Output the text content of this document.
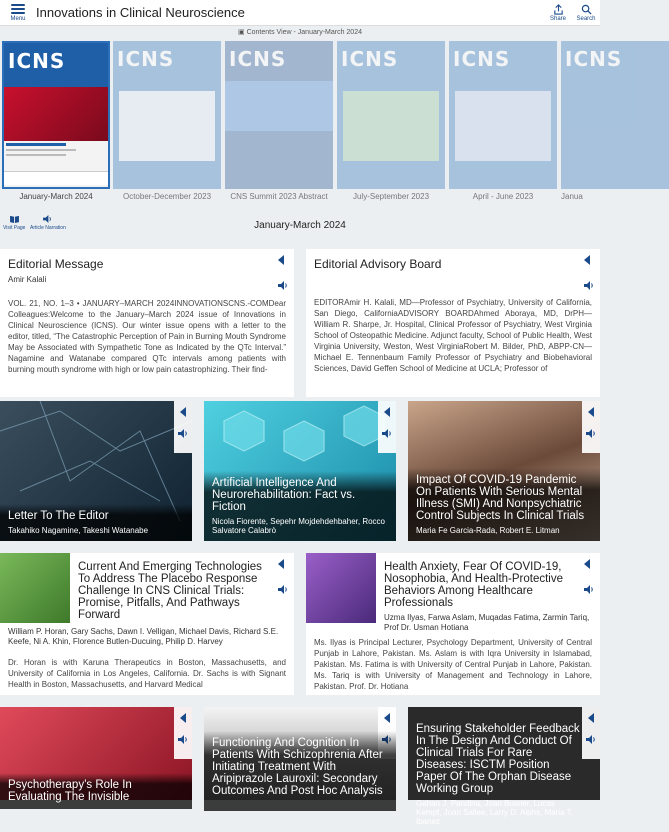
Menu Innovations in Clinical Neuroscience	Share Search
▣ Contents View - January-March 2024
ICNS
January-March 2024
ICNS
October-December 2023
ICNS
CNS Summit 2023 Abstract
ICNS
July-September 2023
ICNS
April - June 2023
ICNS
Janua
Visit Page Article Narration	January-March 2024
Editorial Message
Amir Kalali
VOL. 21, NO. 1–3 • JANUARY–MARCH 2024INNOVATIONSCNS.-COMDear Colleagues:Welcome to the January–March 2024 issue of Innovations in Clinical Neuroscience (ICNS). Our winter issue opens with a letter to the editor, titled, “The Catastrophic Perception of Pain in Burning Mouth Syndrome May be Associated with Sympathetic Tone as Indicated by the QTc Interval.” Nagamine and Watanabe compared QTc intervals among patients with burning mouth syndrome with high or low pain catastrophizing. Their find-
Editorial Advisory Board
EDITORAmir H. Kalali, MD—Professor of Psychiatry, University of California, San Diego, CaliforniaADVISORY BOARDAhmed Aboraya, MD, DrPH—William R. Sharpe, Jr. Hospital, Clinical Professor of Psychiatry, West Virginia School of Osteopathic Medicine. Adjunct faculty, School of Public Health, West Virginia University, Weston, West VirginiaRobert M. Bilder, PhD, ABPP-CN—Michael E. Tennenbaum Family Professor of Psychiatry and Biobehavioral Sciences, David Geffen School of Medicine at UCLA; Professor of
Letter To The Editor
Takahiko Nagamine, Takeshi Watanabe
Artificial Intelligence And Neurorehabilitation: Fact vs. Fiction
Nicola Fiorente, Sepehr Mojdehdehbaher, Rocco Salvatore Calabrò
Impact Of COVID-19 Pandemic On Patients With Serious Mental Illness (SMI) And Nonpsychiatric Control Subjects In Clinical Trials
Maria Fe Garcia-Rada, Robert E. Litman
Current And Emerging Technologies To Address The Placebo Response Challenge In CNS Clinical Trials: Promise, Pitfalls, And Pathways Forward
William P. Horan, Gary Sachs, Dawn I. Velligan, Michael Davis, Richard S.E. Keefe, Ni A. Khin, Florence Butlen-Ducuing, Philip D. Harvey
Dr. Horan is with Karuna Therapeutics in Boston, Massachusetts, and University of California in Los Angeles, California. Dr. Sachs is with Signant Health in Boston, Massachusetts, and Harvard Medical
Health Anxiety, Fear Of COVID-19, Nosophobia, And Health-Protective Behaviors Among Healthcare Professionals
Uzma Ilyas, Farwa Aslam, Muqadas Fatima, Zarmin Tariq, Prof Dr. Usman Hotiana
Ms. Ilyas is Principal Lecturer, Psychology Department, University of Central Punjab in Lahore, Pakistan. Ms. Aslam is with Iqra University in Islamabad, Pakistan. Ms. Fatima is with University of Central Punjab in Lahore, Pakistan. Ms. Tariq is with University of Management and Technology in Lahore, Pakistan. Prof. Dr. Hotiana
Psychotherapy’s Role In Evaluating The Invisible
Functioning And Cognition In Patients With Schizophrenia After Initiating Treatment With Aripiprazole Lauroxil: Secondary Outcomes And Post Hoc Analysis
Ensuring Stakeholder Feedback In The Design And Conduct Of Clinical Trials For Rare Diseases: ISCTM Position Paper Of The Orphan Disease Working Group
Gahan J. Pandina, Joan Busner, Lucas Kempf, Joan Sallee, Larry D. Alphs, Maria T. Ibanez
